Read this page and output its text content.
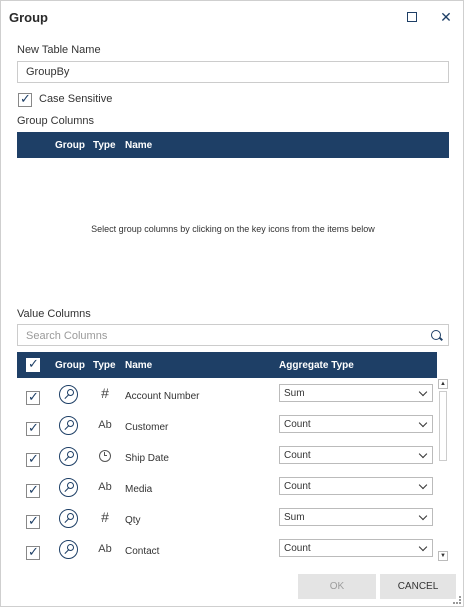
Group	✕
New Table Name
GroupBy
✓ Case Sensitive
Group Columns
Group Type Name
Select group columns by clicking on the key icons from the items below
Value Columns
Search Columns
✓ Group Type Name	Aggregate Type
✓	#	Account Number	Sum
✓	Ab Customer	Count
✓	Ship Date	Count
✓	Ab Media	Count
✓	#	Qty	Sum
✓	Ab Contact	Count
▲
▼
OK	CANCEL
